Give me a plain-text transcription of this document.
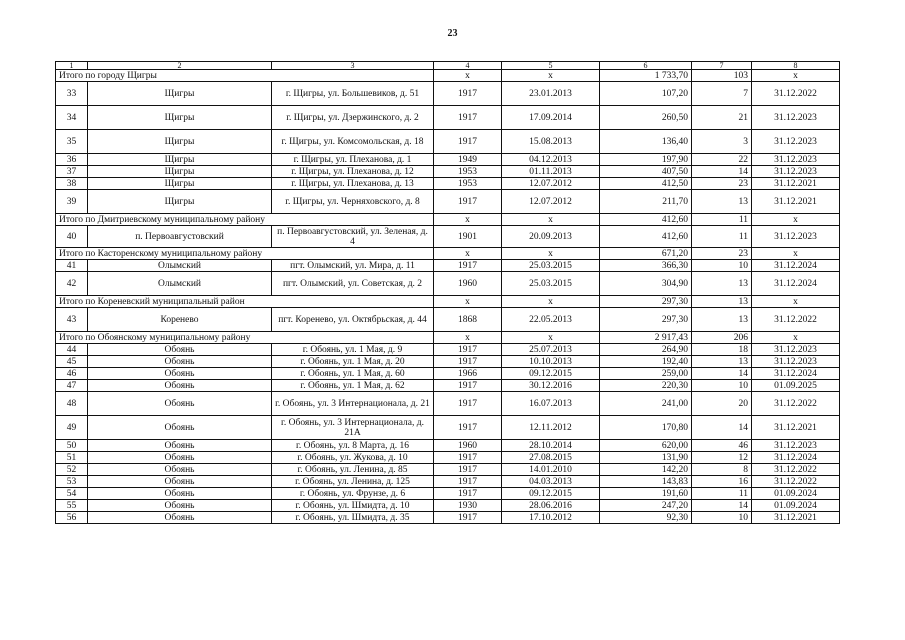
23
1	2	3	4	5	6	7	8
Итого по городу Щигры			х	х	1 733,70	103	х
33	Щигры	г. Щигры, ул. Большевиков, д. 51	1917	23.01.2013	107,20	7	31.12.2022
34	Щигры	г. Щигры, ул. Дзержинского, д. 2	1917	17.09.2014	260,50	21	31.12.2023
35	Щигры	г. Щигры, ул. Комсомольская, д. 18	1917	15.08.2013	136,40	3	31.12.2023
36	Щигры	г. Щигры, ул. Плеханова, д. 1	1949	04.12.2013	197,90	22	31.12.2023
37	Щигры	г. Щигры, ул. Плеханова, д. 12	1953	01.11.2013	407,50	14	31.12.2023
38	Щигры	г. Щигры, ул. Плеханова, д. 13	1953	12.07.2012	412,50	23	31.12.2021
39	Щигры	г. Щигры, ул. Черняховского, д. 8	1917	12.07.2012	211,70	13	31.12.2021
Итого по Дмитриевскому муниципальному району			х	х	412,60	11	х
40	п. Первоавгустовский	п. Первоавгустовский, ул. Зеленая, д. 4	1901	20.09.2013	412,60	11	31.12.2023
Итого по Касторенскому муниципальному району			х	х	671,20	23	х
41	Олымский	пгт. Олымский, ул. Мира, д. 11	1917	25.03.2015	366,30	10	31.12.2024
42	Олымский	пгт. Олымский, ул. Советская, д. 2	1960	25.03.2015	304,90	13	31.12.2024
Итого по Кореневский муниципальный район			х	х	297,30	13	х
43	Коренево	пгт. Коренево, ул. Октябрьская, д. 44	1868	22.05.2013	297,30	13	31.12.2022
Итого по Обоянскому муниципальному району			х	х	2 917,43	206	х
44	Обоянь	г. Обоянь, ул. 1 Мая, д. 9	1917	25.07.2013	264,90	18	31.12.2023
45	Обоянь	г. Обоянь, ул. 1 Мая, д. 20	1917	10.10.2013	192,40	13	31.12.2023
46	Обоянь	г. Обоянь, ул. 1 Мая, д. 60	1966	09.12.2015	259,00	14	31.12.2024
47	Обоянь	г. Обоянь, ул. 1 Мая, д. 62	1917	30.12.2016	220,30	10	01.09.2025
48	Обоянь	г. Обоянь, ул. 3 Интернационала, д. 21	1917	16.07.2013	241,00	20	31.12.2022
49	Обоянь	г. Обоянь, ул. 3 Интернационала, д. 21А	1917	12.11.2012	170,80	14	31.12.2021
50	Обоянь	г. Обоянь, ул. 8 Марта, д. 16	1960	28.10.2014	620,00	46	31.12.2023
51	Обоянь	г. Обоянь, ул. Жукова, д. 10	1917	27.08.2015	131,90	12	31.12.2024
52	Обоянь	г. Обоянь, ул. Ленина, д. 85	1917	14.01.2010	142,20	8	31.12.2022
53	Обоянь	г. Обоянь, ул. Ленина, д. 125	1917	04.03.2013	143,83	16	31.12.2022
54	Обоянь	г. Обоянь, ул. Фрунзе, д. 6	1917	09.12.2015	191,60	11	01.09.2024
55	Обоянь	г. Обоянь, ул. Шмидта, д. 10	1930	28.06.2016	247,20	14	01.09.2024
56	Обоянь	г. Обоянь, ул. Шмидта, д. 35	1917	17.10.2012	92,30	10	31.12.2021
